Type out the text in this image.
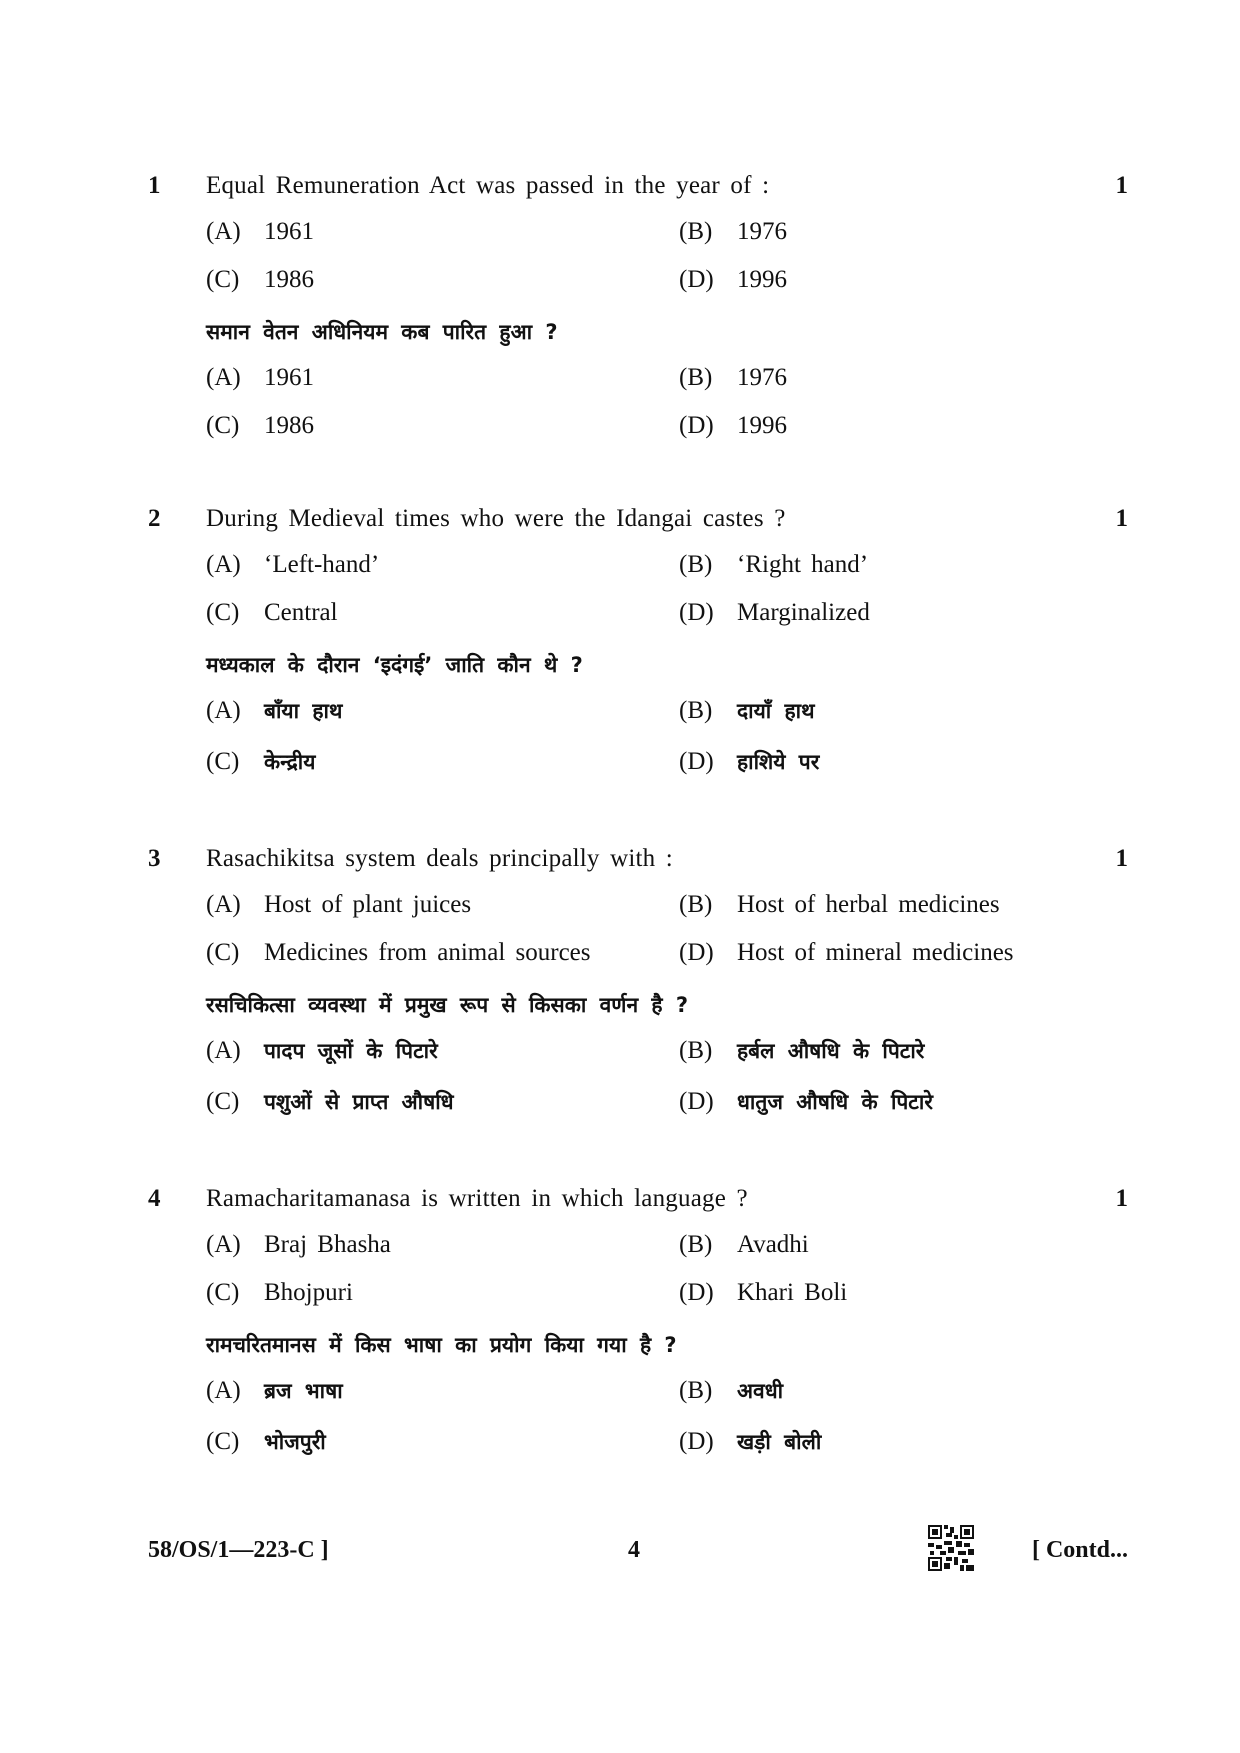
1 Equal Remuneration Act was passed in the year of :	1
(A) 1961	(B) 1976
(C) 1986	(D) 1996
समान वेतन अधिनियम कब पारित हुआ ?
(A) 1961	(B) 1976
(C) 1986	(D) 1996
2 During Medieval times who were the Idangai castes ?	1
(A) ‘Left-hand’	(B) ‘Right hand’
(C) Central	(D) Marginalized
मध्यकाल के दौरान ‘इदंगई’ जाति कौन थे ?
(A) बाँया हाथ	(B) दायाँ हाथ
(C) केन्द्रीय	(D) हाशिये पर
3 Rasachikitsa system deals principally with :	1
(A) Host of plant juices	(B) Host of herbal medicines
(C) Medicines from animal sources	(D) Host of mineral medicines
रसचिकित्सा व्यवस्था में प्रमुख रूप से किसका वर्णन है ?
(A) पादप जूसों के पिटारे	(B) हर्बल औषधि के पिटारे
(C) पशुओं से प्राप्त औषधि	(D) धातुज औषधि के पिटारे
4 Ramacharitamanasa is written in which language ?	1
(A) Braj Bhasha	(B) Avadhi
(C) Bhojpuri	(D) Khari Boli
रामचरितमानस में किस भाषा का प्रयोग किया गया है ?
(A) ब्रज भाषा	(B) अवधी
(C) भोजपुरी	(D) खड़ी बोली
58/OS/1—223-C ]	4	[ Contd...
